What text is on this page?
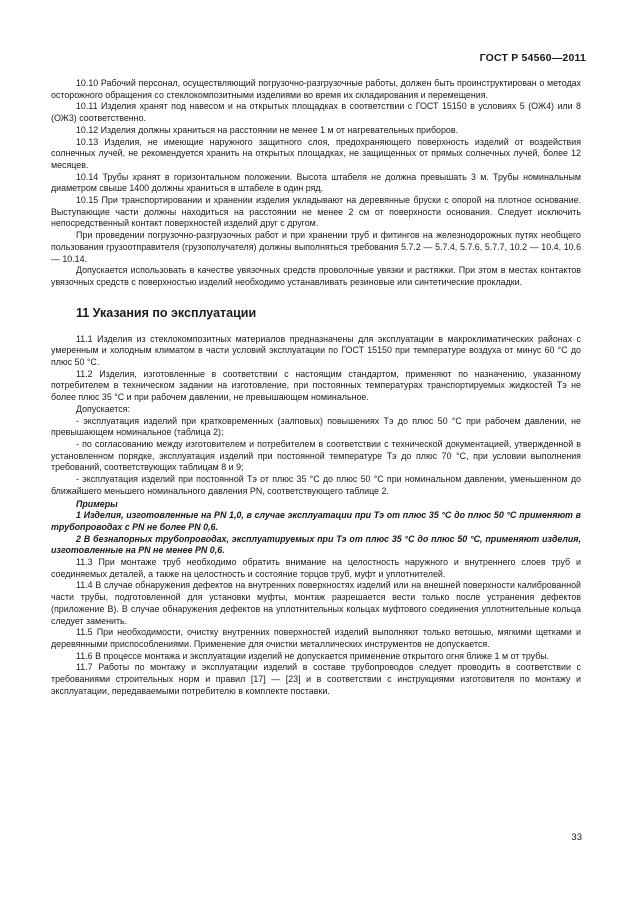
ГОСТ Р 54560—2011

10.10 Рабочий персонал, осуществляющий погрузочно-разгрузочные работы, должен быть проинструктирован о методах осторожного обращения со стеклокомпозитными изделиями во время их складирования и перемещения.

10.11 Изделия хранят под навесом и на открытых площадках в соответствии с ГОСТ 15150 в условиях 5 (ОЖ4) или 8 (ОЖ3) соответственно.

10.12 Изделия должны храниться на расстоянии не менее 1 м от нагревательных приборов.

10.13 Изделия, не имеющие наружного защитного слоя, предохраняющего поверхность изделий от воздействия солнечных лучей, не рекомендуется хранить на открытых площадках, не защищенных от прямых солнечных лучей, более 12 месяцев.

10.14 Трубы хранят в горизонтальном положении. Высота штабеля не должна превышать 3 м. Трубы номинальным диаметром свыше 1400 должны храниться в штабеле в один ряд.

10.15 При транспортировании и хранении изделия укладывают на деревянные бруски с опорой на плотное основание. Выступающие части должны находиться на расстоянии не менее 2 см от поверхности основания. Следует исключить непосредственный контакт поверхностей изделий друг с другом.

При проведении погрузочно-разгрузочных работ и при хранении труб и фитингов на железнодорожных путях необщего пользования грузоотправителя (грузополучателя) должны выполняться требования 5.7.2 — 5.7.4, 5.7.6, 5.7.7, 10.2 — 10.4, 10.6 — 10.14.

Допускается использовать в качестве увязочных средств проволочные увязки и растяжки. При этом в местах контактов увязочных средств с поверхностью изделий необходимо устанавливать резиновые или синтетические прокладки.

11 Указания по эксплуатации

11.1 Изделия из стеклокомпозитных материалов предназначены для эксплуатации в макроклиматических районах с умеренным и холодным климатом в части условий эксплуатации по ГОСТ 15150 при температуре воздуха от минус 60 °С до плюс 50 °С.

11.2 Изделия, изготовленные в соответствии с настоящим стандартом, применяют по назначению, указанному потребителем в техническом задании на изготовление, при постоянных температурах транспортируемых жидкостей Tэ не более плюс 35 °С и при рабочем давлении, не превышающем номинальное.

Допускается:

- эксплуатация изделий при кратковременных (залповых) повышениях Tэ до плюс 50 °С при рабочем давлении, не превышающем номинальное (таблица 2);

- по согласованию между изготовителем и потребителем в соответствии с технической документацией, утвержденной в установленном порядке, эксплуатация изделий при постоянной температуре Tэ до плюс 70 °С, при условии выполнения требований, соответствующих таблицам 8 и 9;

- эксплуатация изделий при постоянной Tэ от плюс 35 °С до плюс 50 °С при номинальном давлении, уменьшенном до ближайшего меньшего номинального давления PN, соответствующего таблице 2.

Примеры

1 Изделия, изготовленные на PN 1,0, в случае эксплуатации при Tэ от плюс 35 °С до плюс 50 °С применяют в трубопроводах с PN не более PN 0,6.

2 В безнапорных трубопроводах, эксплуатируемых при Tэ от плюс 35 °С до плюс 50 °С, применяют изделия, изготовленные на PN не менее PN 0,6.

11.3 При монтаже труб необходимо обратить внимание на целостность наружного и внутреннего слоев труб и соединяемых деталей, а также на целостность и состояние торцов труб, муфт и уплотнителей.

11.4 В случае обнаружения дефектов на внутренних поверхностях изделий или на внешней поверхности калиброванной части трубы, подготовленной для установки муфты, монтаж разрешается вести только после устранения дефектов (приложение В). В случае обнаружения дефектов на уплотнительных кольцах муфтового соединения уплотнительные кольца следует заменить.

11.5 При необходимости, очистку внутренних поверхностей изделий выполняют только ветошью, мягкими щетками и деревянными приспособлениями. Применение для очистки металлических инструментов не допускается.

11.6 В процессе монтажа и эксплуатации изделий не допускается применение открытого огня ближе 1 м от трубы.

11.7 Работы по монтажу и эксплуатации изделий в составе трубопроводов следует проводить в соответствии с требованиями строительных норм и правил [17] — [23] и в соответствии с инструкциями изготовителя по монтажу и эксплуатации, передаваемыми потребителю в комплекте поставки.

33
